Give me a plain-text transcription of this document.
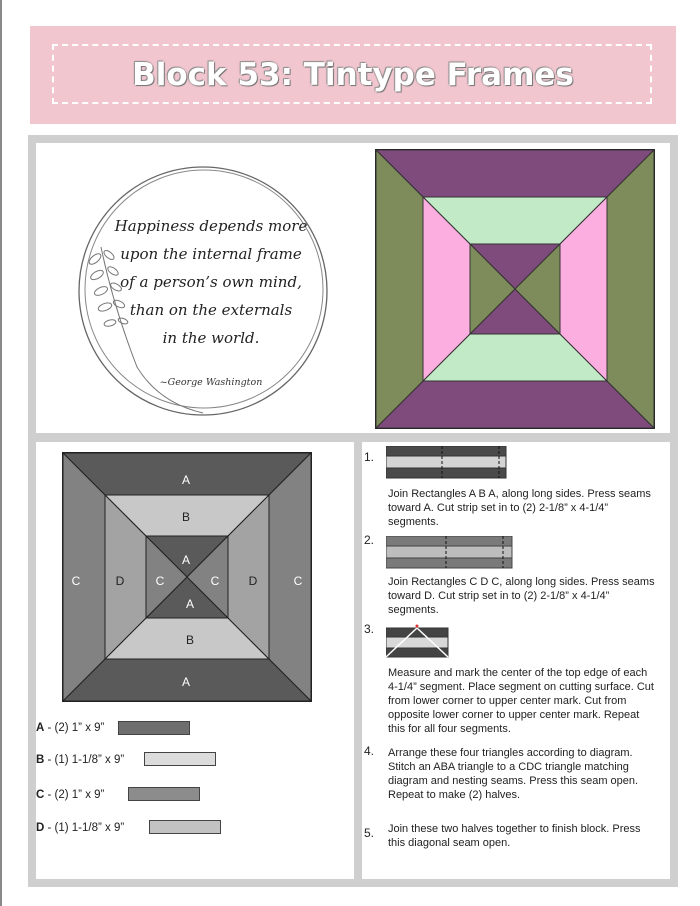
Block 53: Tintype Frames
Happiness depends more
upon the internal frame
of a person’s own mind,
than on the externals
in the world.
~George Washington
A
A
C	C
A
A
B
B
D	D
C	C
A - (2) 1” x 9”
B - (1) 1-1/8” x 9”
C - (2) 1” x 9”
D - (1) 1-1/8” x 9”
1.
Join Rectangles A B A, along long sides. Press seams
toward A. Cut strip set in to (2) 2-1/8” x 4-1/4”
segments.
2.
Join Rectangles C D C, along long sides. Press seams
toward D. Cut strip set in to (2) 2-1/8” x 4-1/4”
segments.
3.
Measure and mark the center of the top edge of each
4-1/4” segment. Place segment on cutting surface. Cut
from lower corner to upper center mark. Cut from
opposite lower corner to upper center mark. Repeat
this for all four segments.
4. Arrange these four triangles according to diagram.
Stitch an ABA triangle to a CDC triangle matching
diagram and nesting seams. Press this seam open.
Repeat to make (2) halves.
5. Join these two halves together to finish block. Press
this diagonal seam open.
